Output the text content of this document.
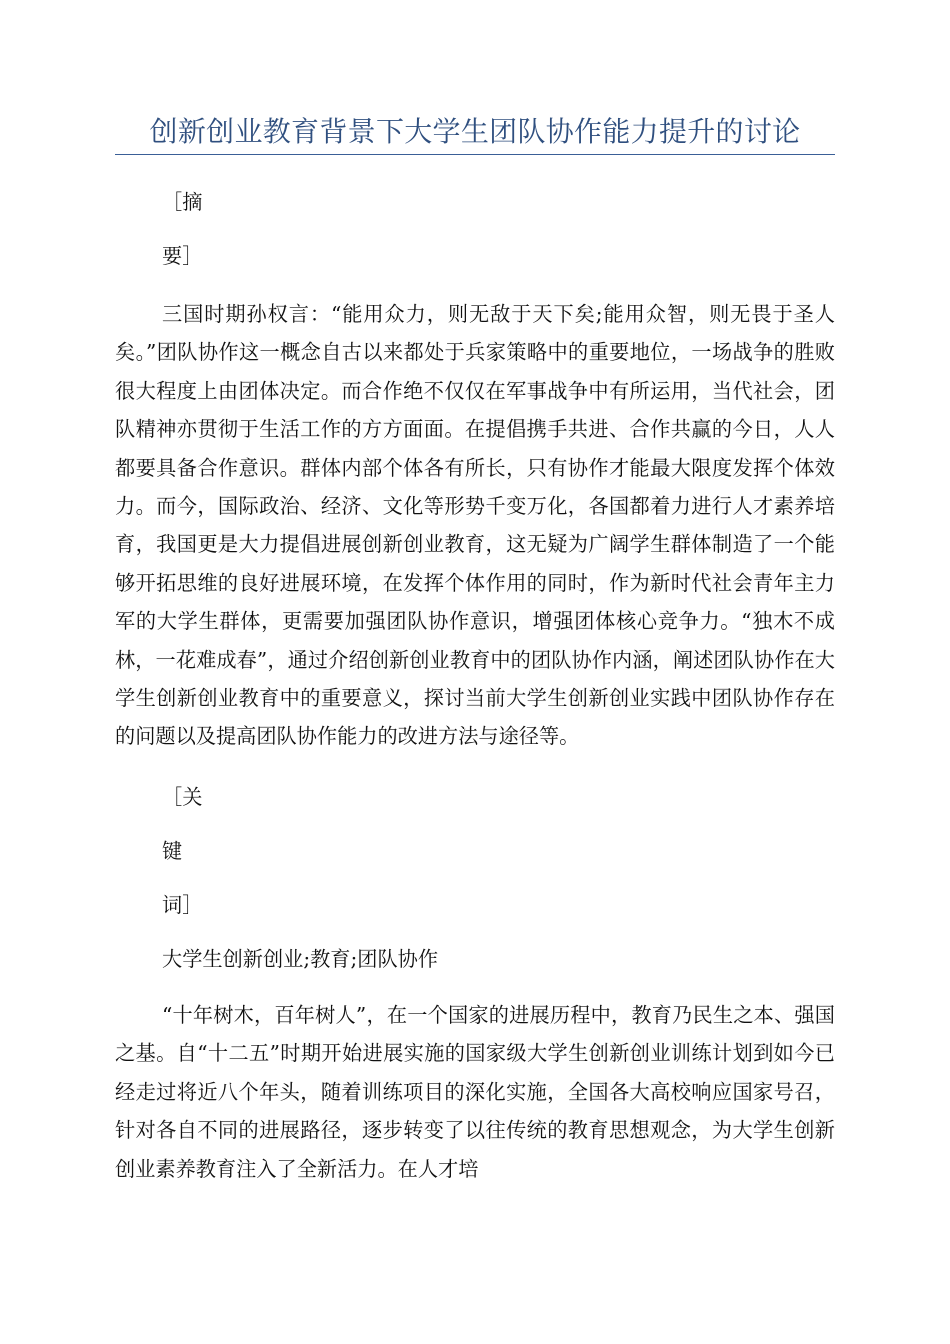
创新创业教育背景下大学生团队协作能力提升的讨论

［摘

要］

三国时期孙权言：“能用众力，则无敌于天下矣;能用众智，则无畏于圣人矣。”团队协作这一概念自古以来都处于兵家策略中的重要地位，一场战争的胜败很大程度上由团体决定。而合作绝不仅仅在军事战争中有所运用，当代社会，团队精神亦贯彻于生活工作的方方面面。在提倡携手共进、合作共赢的今日，人人都要具备合作意识。群体内部个体各有所长，只有协作才能最大限度发挥个体效力。而今，国际政治、经济、文化等形势千变万化，各国都着力进行人才素养培育，我国更是大力提倡进展创新创业教育，这无疑为广阔学生群体制造了一个能够开拓思维的良好进展环境，在发挥个体作用的同时，作为新时代社会青年主力军的大学生群体，更需要加强团队协作意识，增强团体核心竞争力。“独木不成林，一花难成春”，通过介绍创新创业教育中的团队协作内涵，阐述团队协作在大学生创新创业教育中的重要意义，探讨当前大学生创新创业实践中团队协作存在的问题以及提高团队协作能力的改进方法与途径等。

［关

键

词］

大学生创新创业;教育;团队协作

“十年树木，百年树人”，在一个国家的进展历程中，教育乃民生之本、强国之基。自“十二五”时期开始进展实施的国家级大学生创新创业训练计划到如今已经走过将近八个年头，随着训练项目的深化实施，全国各大高校响应国家号召，针对各自不同的进展路径，逐步转变了以往传统的教育思想观念，为大学生创新创业素养教育注入了全新活力。在人才培
